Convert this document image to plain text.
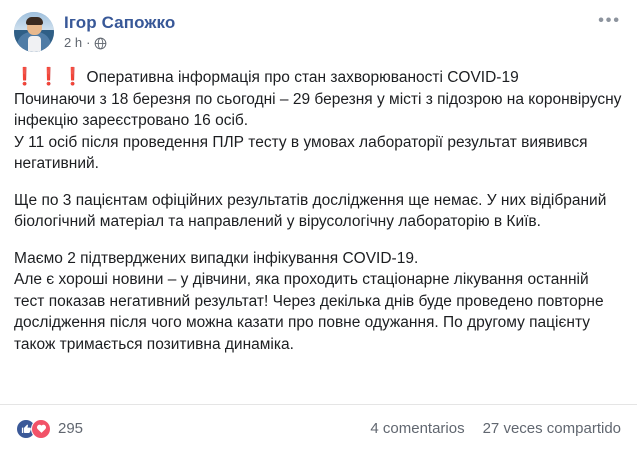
Ігор Сапожко
2 h ·
•••

❗❗❗Оперативна інформація про стан захворюваності COVID-19

Починаючи з 18 березня по сьогодні – 29 березня у місті з підозрою на коронвірусну інфекцію зареєстровано 16 осіб.

У 11 осіб після проведення ПЛР тесту в умовах лабораторії результат виявився негативний.

Ще по 3 пацієнтам офіційних результатів дослідження ще немає. У них відібраний біологічний матеріал та направлений у вірусологічну лабораторію в Київ.

Маємо 2 підтверджених випадки інфікування COVID-19.

Але є хороші новини – у дівчини, яка проходить стаціонарне лікування останній тест показав негативний результат! Через декілька днів буде проведено повторне дослідження після чого можна казати про повне одужання. По другому пацієнту також тримається позитивна динаміка.

295	4 comentarios 27 veces compartido
